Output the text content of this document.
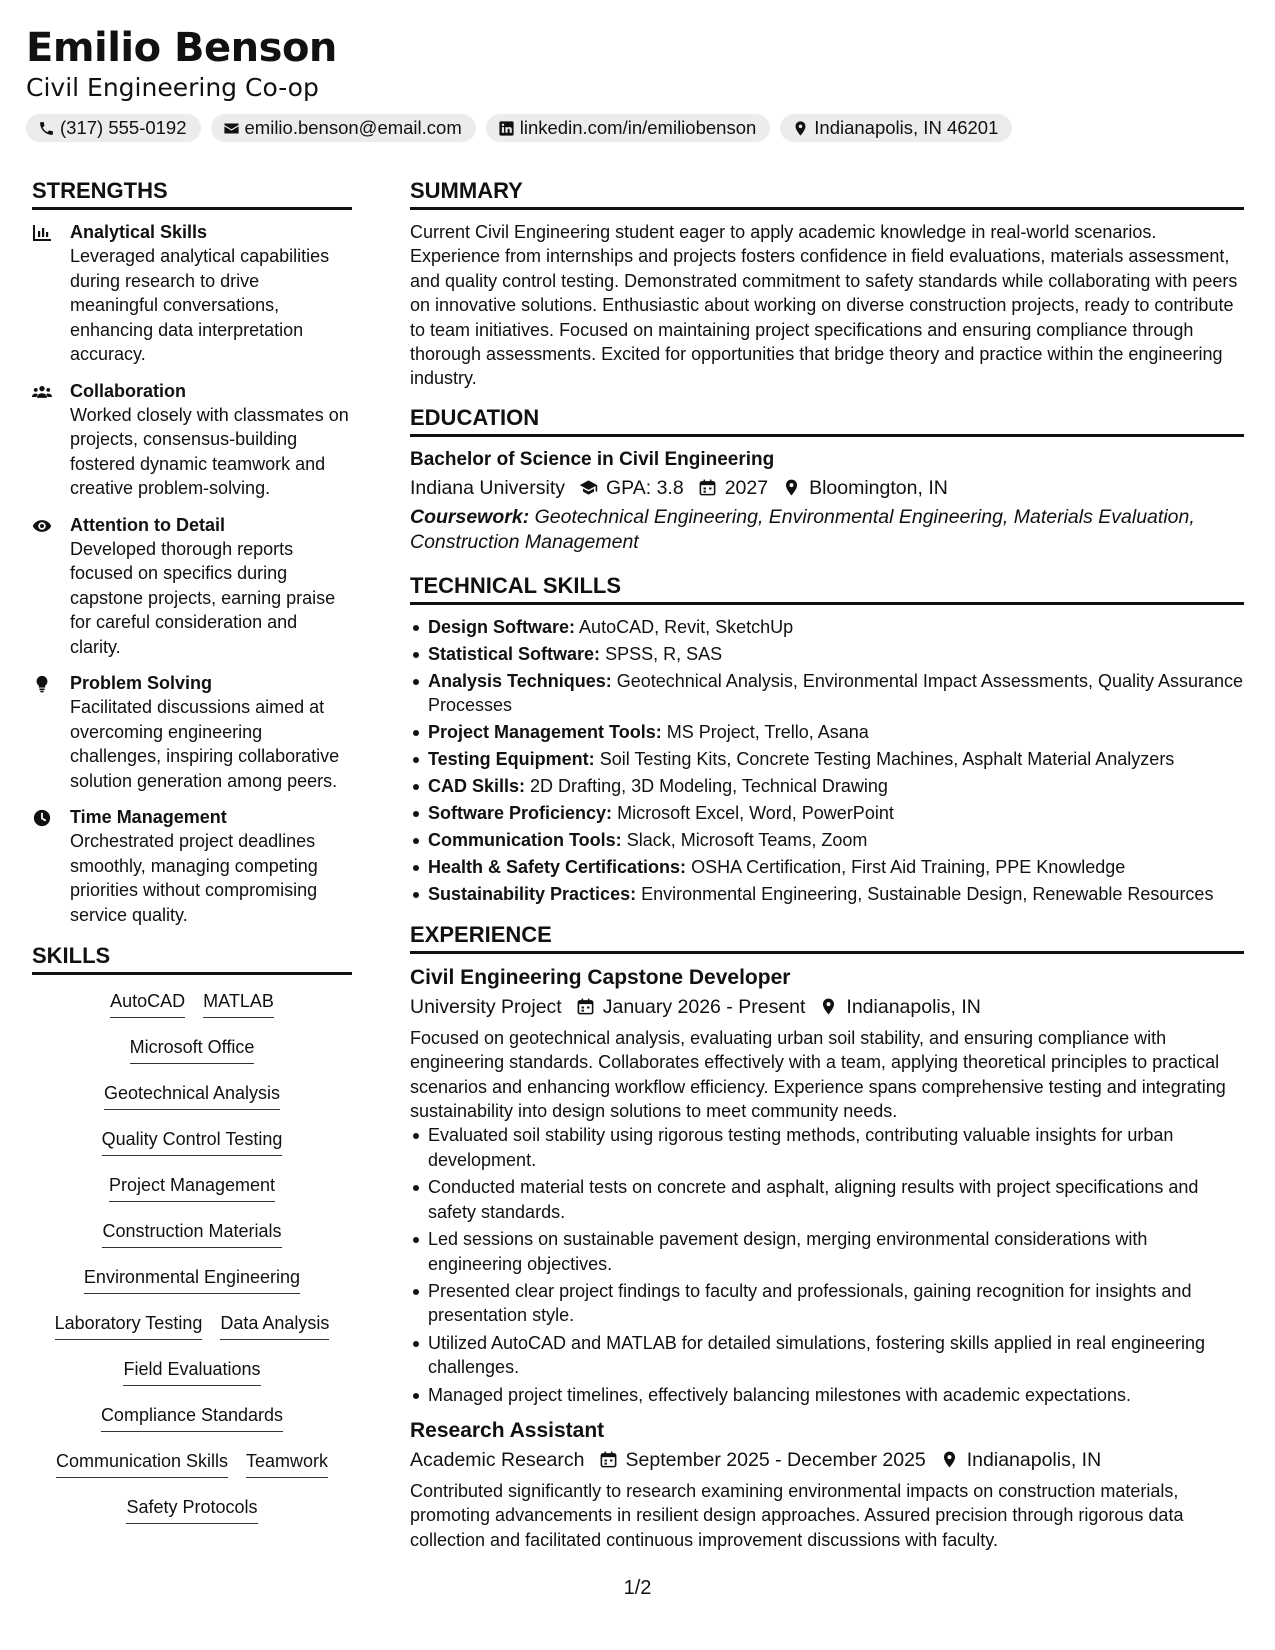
Emilio Benson
Civil Engineering Co-op
(317) 555-0192	emilio.benson@email.com	linkedin.com/in/emiliobenson	Indianapolis, IN 46201
STRENGTHS
Analytical Skills
Leveraged analytical capabilities during research to drive meaningful conversations, enhancing data interpretation accuracy.
Collaboration
Worked closely with classmates on projects, consensus-building fostered dynamic teamwork and creative problem-solving.
Attention to Detail
Developed thorough reports focused on specifics during capstone projects, earning praise for careful consideration and clarity.
Problem Solving
Facilitated discussions aimed at overcoming engineering challenges, inspiring collaborative solution generation among peers.
Time Management
Orchestrated project deadlines smoothly, managing competing priorities without compromising service quality.
SKILLS
AutoCAD MATLAB
Microsoft Office
Geotechnical Analysis
Quality Control Testing
Project Management
Construction Materials
Environmental Engineering
Laboratory Testing Data Analysis
Field Evaluations
Compliance Standards
Communication Skills Teamwork
Safety Protocols
SUMMARY
Current Civil Engineering student eager to apply academic knowledge in real-world scenarios. Experience from internships and projects fosters confidence in field evaluations, materials assessment, and quality control testing. Demonstrated commitment to safety standards while collaborating with peers on innovative solutions. Enthusiastic about working on diverse construction projects, ready to contribute to team initiatives. Focused on maintaining project specifications and ensuring compliance through thorough assessments. Excited for opportunities that bridge theory and practice within the engineering industry.
EDUCATION
Bachelor of Science in Civil Engineering
Indiana University GPA: 3.8 2027 Bloomington, IN
Coursework: Geotechnical Engineering, Environmental Engineering, Materials Evaluation, Construction Management
TECHNICAL SKILLS
Design Software: AutoCAD, Revit, SketchUp
Statistical Software: SPSS, R, SAS
Analysis Techniques: Geotechnical Analysis, Environmental Impact Assessments, Quality Assurance Processes
Project Management Tools: MS Project, Trello, Asana
Testing Equipment: Soil Testing Kits, Concrete Testing Machines, Asphalt Material Analyzers
CAD Skills: 2D Drafting, 3D Modeling, Technical Drawing
Software Proficiency: Microsoft Excel, Word, PowerPoint
Communication Tools: Slack, Microsoft Teams, Zoom
Health & Safety Certifications: OSHA Certification, First Aid Training, PPE Knowledge
Sustainability Practices: Environmental Engineering, Sustainable Design, Renewable Resources
EXPERIENCE
Civil Engineering Capstone Developer
University Project January 2026 - Present Indianapolis, IN
Focused on geotechnical analysis, evaluating urban soil stability, and ensuring compliance with engineering standards. Collaborates effectively with a team, applying theoretical principles to practical scenarios and enhancing workflow efficiency. Experience spans comprehensive testing and integrating sustainability into design solutions to meet community needs.
Evaluated soil stability using rigorous testing methods, contributing valuable insights for urban development.
Conducted material tests on concrete and asphalt, aligning results with project specifications and safety standards.
Led sessions on sustainable pavement design, merging environmental considerations with engineering objectives.
Presented clear project findings to faculty and professionals, gaining recognition for insights and presentation style.
Utilized AutoCAD and MATLAB for detailed simulations, fostering skills applied in real engineering challenges.
Managed project timelines, effectively balancing milestones with academic expectations.
Research Assistant
Academic Research September 2025 - December 2025 Indianapolis, IN
Contributed significantly to research examining environmental impacts on construction materials, promoting advancements in resilient design approaches. Assured precision through rigorous data collection and facilitated continuous improvement discussions with faculty.
1/2
